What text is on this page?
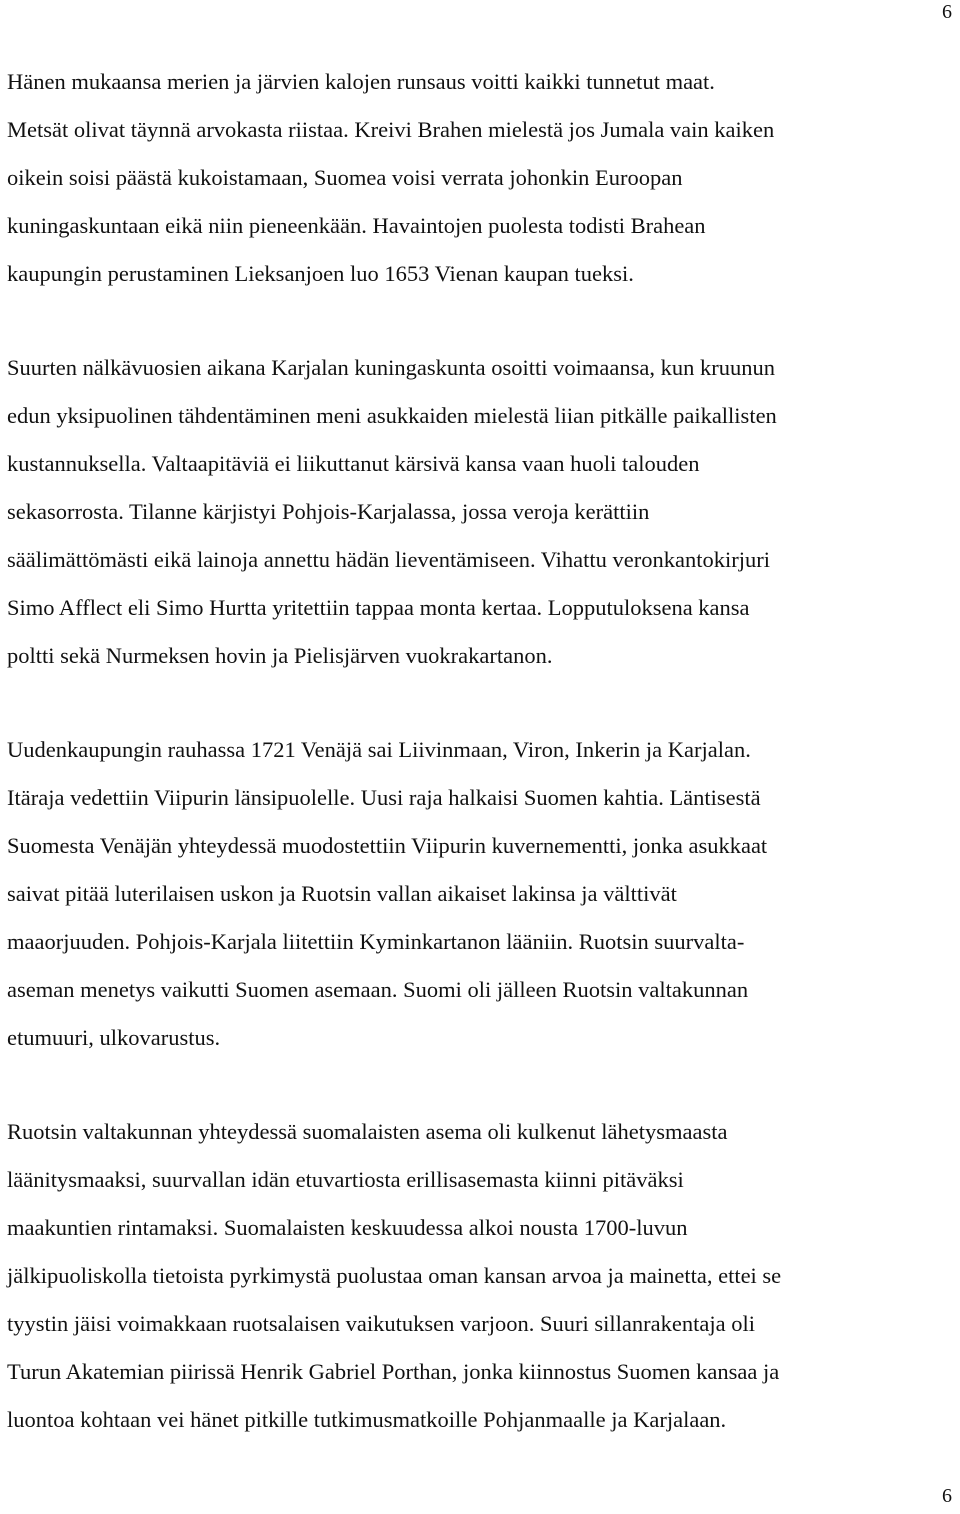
6

Hänen mukaansa merien ja järvien kalojen runsaus voitti kaikki tunnetut maat.
Metsät olivat täynnä arvokasta riistaa. Kreivi Brahen mielestä jos Jumala vain kaiken
oikein soisi päästä kukoistamaan, Suomea voisi verrata johonkin Euroopan
kuningaskuntaan eikä niin pieneenkään. Havaintojen puolesta todisti Brahean
kaupungin perustaminen Lieksanjoen luo 1653 Vienan kaupan tueksi.

Suurten nälkävuosien aikana Karjalan kuningaskunta osoitti voimaansa, kun kruunun
edun yksipuolinen tähdentäminen meni asukkaiden mielestä liian pitkälle paikallisten
kustannuksella. Valtaapitäviä ei liikuttanut kärsivä kansa vaan huoli talouden
sekasorrosta. Tilanne kärjistyi Pohjois-Karjalassa, jossa veroja kerättiin
säälimättömästi eikä lainoja annettu hädän lieventämiseen. Vihattu veronkantokirjuri
Simo Afflect eli Simo Hurtta yritettiin tappaa monta kertaa. Lopputuloksena kansa
poltti sekä Nurmeksen hovin ja Pielisjärven vuokrakartanon.

Uudenkaupungin rauhassa 1721 Venäjä sai Liivinmaan, Viron, Inkerin ja Karjalan.
Itäraja vedettiin Viipurin länsipuolelle. Uusi raja halkaisi Suomen kahtia. Läntisestä
Suomesta Venäjän yhteydessä muodostettiin Viipurin kuvernementti, jonka asukkaat
saivat pitää luterilaisen uskon ja Ruotsin vallan aikaiset lakinsa ja välttivät
maaorjuuden. Pohjois-Karjala liitettiin Kyminkartanon lääniin. Ruotsin suurvalta-
aseman menetys vaikutti Suomen asemaan. Suomi oli jälleen Ruotsin valtakunnan
etumuuri, ulkovarustus.

Ruotsin valtakunnan yhteydessä suomalaisten asema oli kulkenut lähetysmaasta
läänitysmaaksi, suurvallan idän etuvartiosta erillisasemasta kiinni pitäväksi
maakuntien rintamaksi. Suomalaisten keskuudessa alkoi nousta 1700-luvun
jälkipuoliskolla tietoista pyrkimystä puolustaa oman kansan arvoa ja mainetta, ettei se
tyystin jäisi voimakkaan ruotsalaisen vaikutuksen varjoon. Suuri sillanrakentaja oli
Turun Akatemian piirissä Henrik Gabriel Porthan, jonka kiinnostus Suomen kansaa ja
luontoa kohtaan vei hänet pitkille tutkimusmatkoille Pohjanmaalle ja Karjalaan.

6
